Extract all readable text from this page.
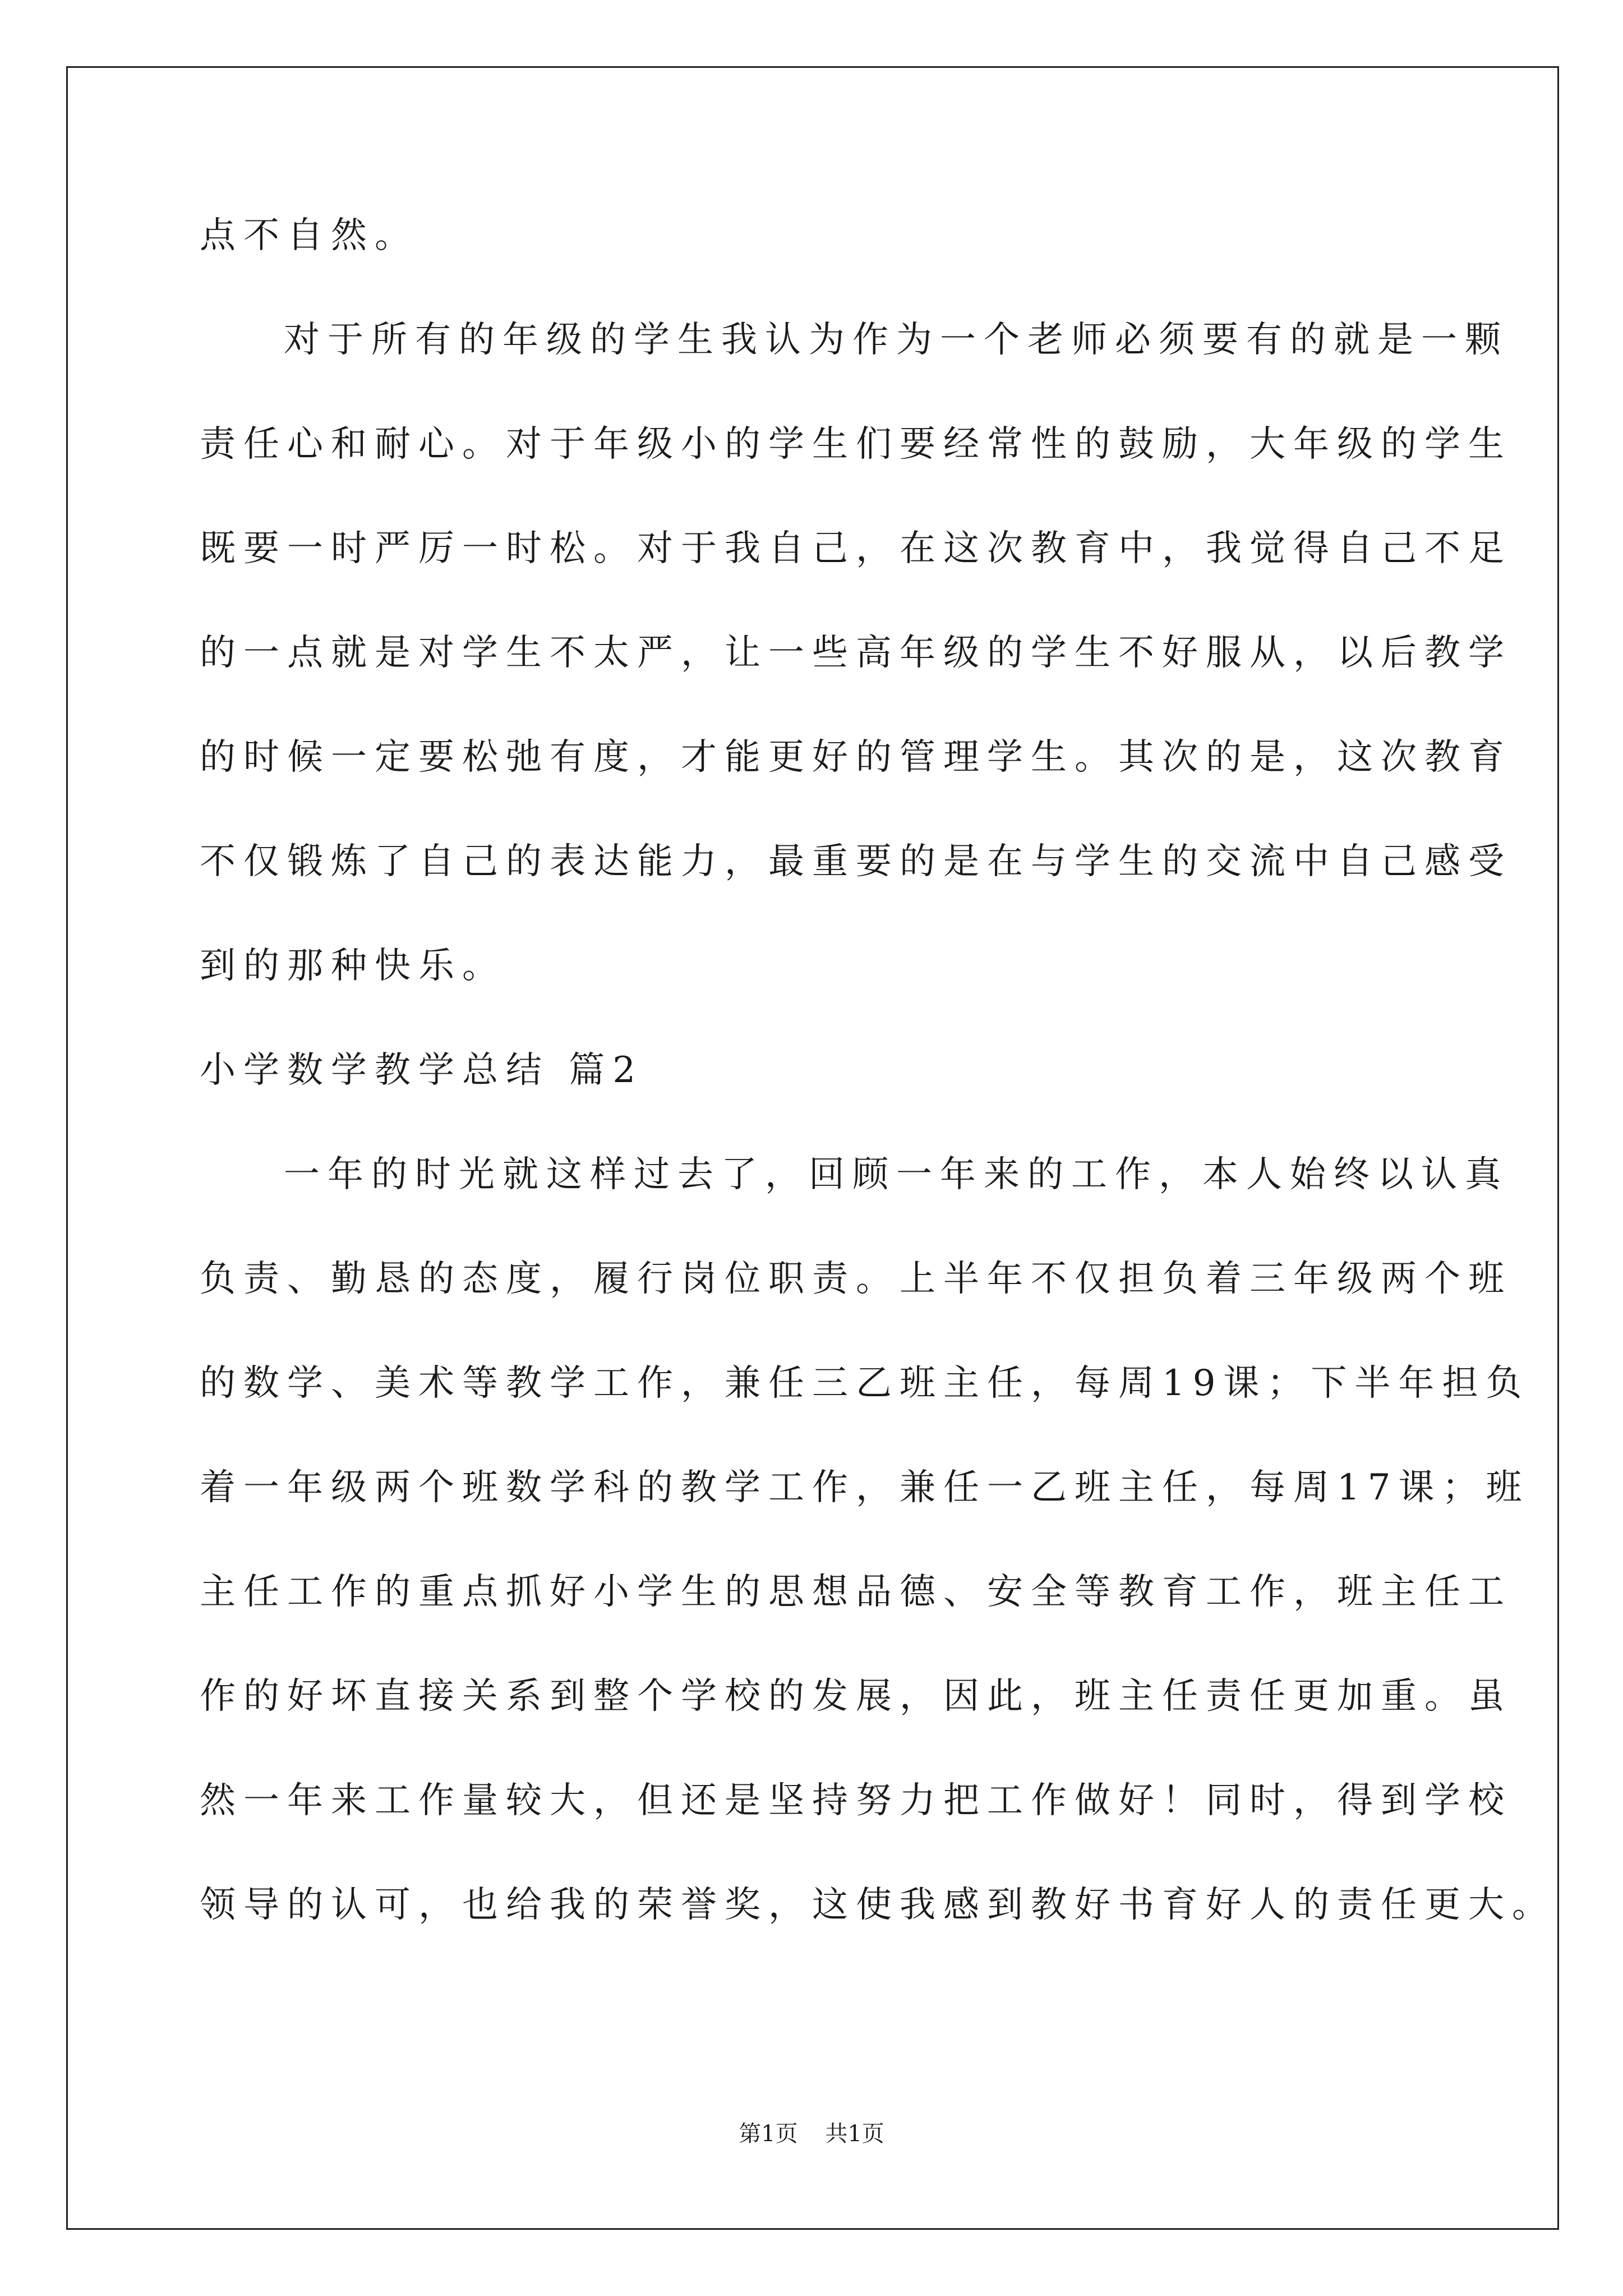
点不自然。
对于所有的年级的学生我认为作为一个老师必须要有的就是一颗
责任心和耐心。对于年级小的学生们要经常性的鼓励，大年级的学生
既要一时严厉一时松。对于我自己，在这次教育中，我觉得自己不足
的一点就是对学生不太严，让一些高年级的学生不好服从，以后教学
的时候一定要松弛有度，才能更好的管理学生。其次的是，这次教育
不仅锻炼了自己的表达能力，最重要的是在与学生的交流中自己感受
到的那种快乐。
小学数学教学总结 篇2
一年的时光就这样过去了，回顾一年来的工作，本人始终以认真
负责、勤恳的态度，履行岗位职责。上半年不仅担负着三年级两个班
的数学、美术等教学工作，兼任三乙班主任，每周19课；下半年担负
着一年级两个班数学科的教学工作，兼任一乙班主任，每周17课；班
主任工作的重点抓好小学生的思想品德、安全等教育工作，班主任工
作的好坏直接关系到整个学校的发展，因此，班主任责任更加重。虽
然一年来工作量较大，但还是坚持努力把工作做好！同时，得到学校
领导的认可，也给我的荣誉奖，这使我感到教好书育好人的责任更大。
第1页 共1页
